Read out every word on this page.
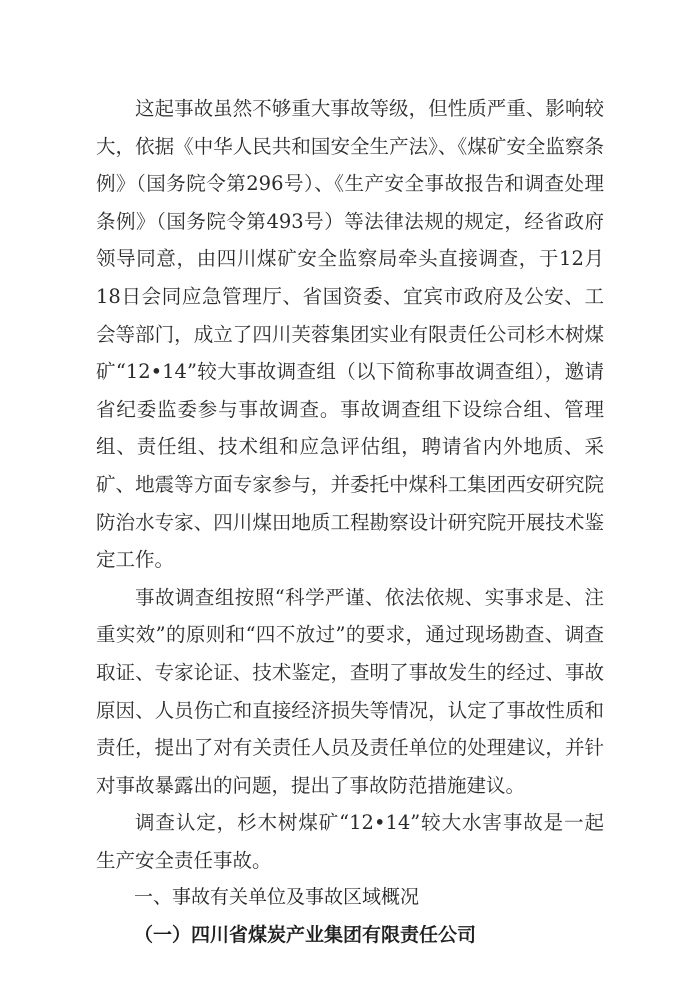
这起事故虽然不够重大事故等级，但性质严重、影响较大，依据《中华人民共和国安全生产法》、《煤矿安全监察条例》（国务院令第296号）、《生产安全事故报告和调查处理条例》（国务院令第493号）等法律法规的规定，经省政府领导同意，由四川煤矿安全监察局牵头直接调查，于12月18日会同应急管理厅、省国资委、宜宾市政府及公安、工会等部门，成立了四川芙蓉集团实业有限责任公司杉木树煤矿“12•14”较大事故调查组（以下简称事故调查组），邀请省纪委监委参与事故调查。事故调查组下设综合组、管理组、责任组、技术组和应急评估组，聘请省内外地质、采矿、地震等方面专家参与，并委托中煤科工集团西安研究院防治水专家、四川煤田地质工程勘察设计研究院开展技术鉴定工作。

事故调查组按照“科学严谨、依法依规、实事求是、注重实效”的原则和“四不放过”的要求，通过现场勘查、调查取证、专家论证、技术鉴定，查明了事故发生的经过、事故原因、人员伤亡和直接经济损失等情况，认定了事故性质和责任，提出了对有关责任人员及责任单位的处理建议，并针对事故暴露出的问题，提出了事故防范措施建议。

调查认定，杉木树煤矿“12•14”较大水害事故是一起生产安全责任事故。

一、事故有关单位及事故区域概况
（一）四川省煤炭产业集团有限责任公司
